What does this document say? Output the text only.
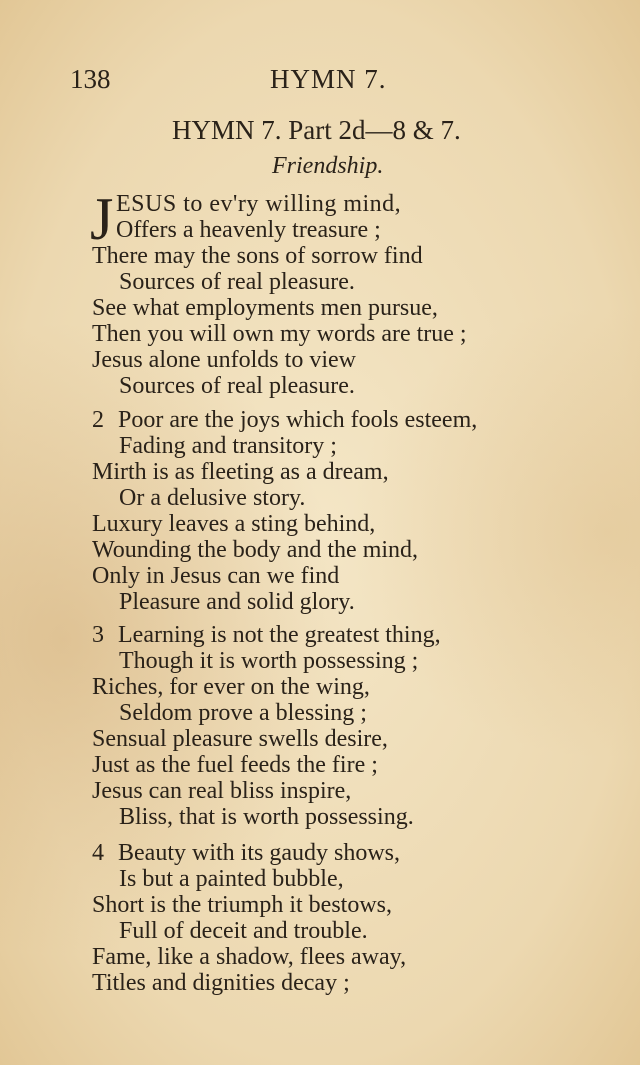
138	HYMN 7.
HYMN 7. Part 2d—8 & 7.
Friendship.
J ESUS to ev'ry willing mind,
Offers a heavenly treasure ;
There may the sons of sorrow find
Sources of real pleasure.
See what employments men pursue,
Then you will own my words are true ;
Jesus alone unfolds to view
Sources of real pleasure.
2 Poor are the joys which fools esteem,
Fading and transitory ;
Mirth is as fleeting as a dream,
Or a delusive story.
Luxury leaves a sting behind,
Wounding the body and the mind,
Only in Jesus can we find
Pleasure and solid glory.
3 Learning is not the greatest thing,
Though it is worth possessing ;
Riches, for ever on the wing,
Seldom prove a blessing ;
Sensual pleasure swells desire,
Just as the fuel feeds the fire ;
Jesus can real bliss inspire,
Bliss, that is worth possessing.
4 Beauty with its gaudy shows,
Is but a painted bubble,
Short is the triumph it bestows,
Full of deceit and trouble.
Fame, like a shadow, flees away,
Titles and dignities decay ;
